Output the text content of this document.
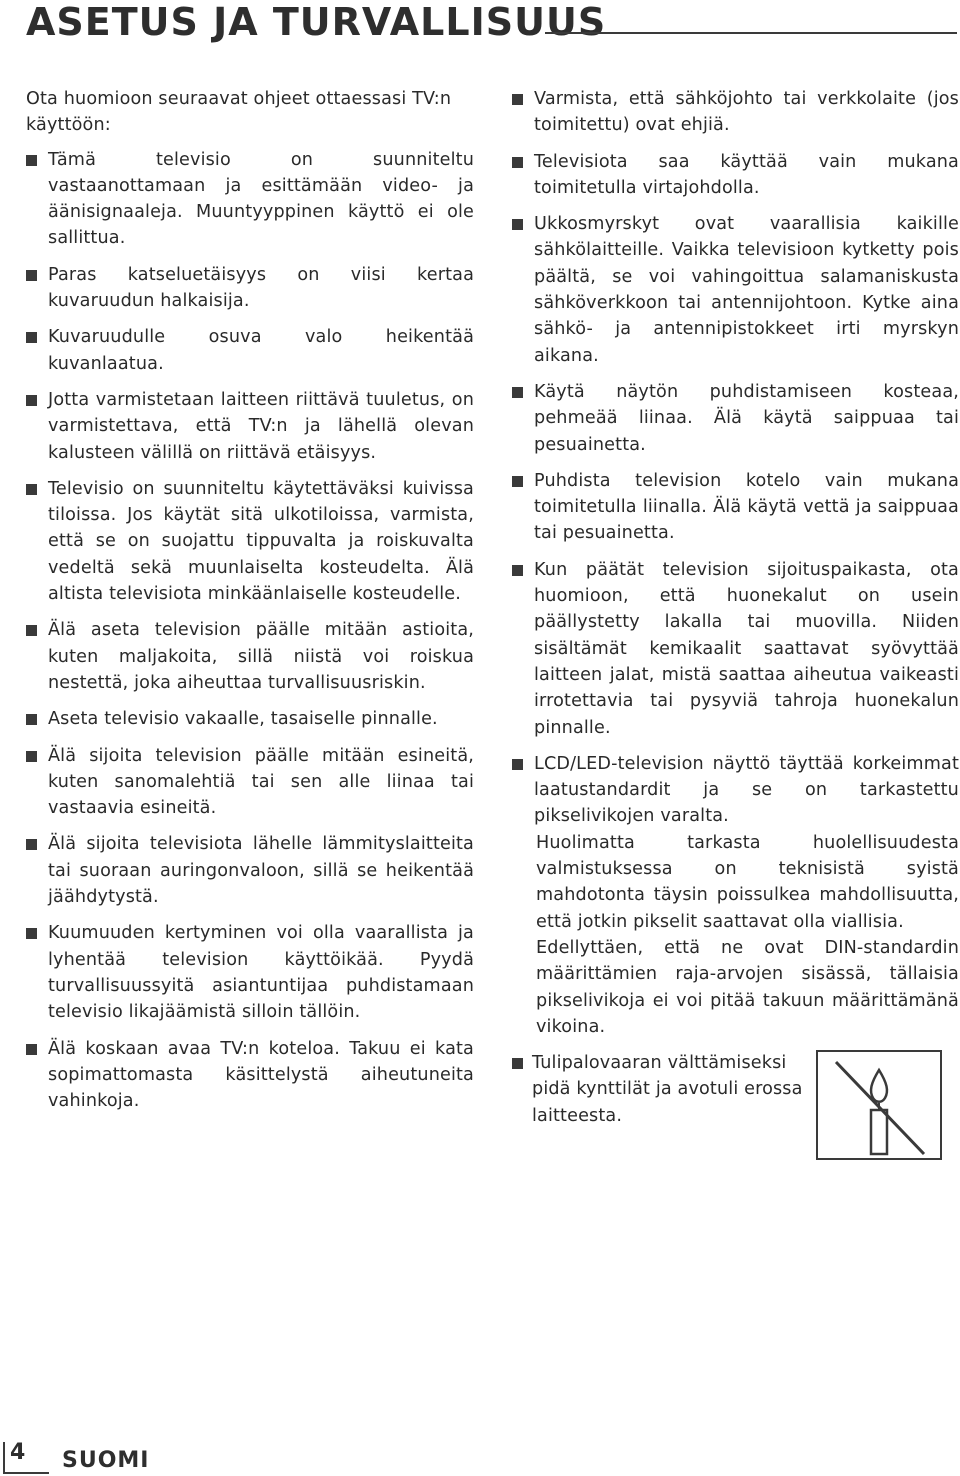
ASETUS JA TURVALLISUUS

Ota huomioon seuraavat ohjeet ottaessasi TV:n käyttöön:

Tämä televisio on suunniteltu vastaanottamaan ja esittämään video- ja äänisignaaleja. Muuntyyppinen käyttö ei ole sallittua.

Paras katseluetäisyys on viisi kertaa kuvaruudun halkaisija.

Kuvaruudulle osuva valo heikentää kuvanlaatua.

Jotta varmistetaan laitteen riittävä tuuletus, on varmistettava, että TV:n ja lähellä olevan kalusteen välillä on riittävä etäisyys.

Televisio on suunniteltu käytettäväksi kuivissa tiloissa. Jos käytät sitä ulkotiloissa, varmista, että se on suojattu tippuvalta ja roiskuvalta vedeltä sekä muunlaiselta kosteudelta. Älä altista televisiota minkäänlaiselle kosteudelle.

Älä aseta television päälle mitään astioita, kuten maljakoita, sillä niistä voi roiskua nestettä, joka aiheuttaa turvallisuusriskin.

Aseta televisio vakaalle, tasaiselle pinnalle.

Älä sijoita television päälle mitään esineitä, kuten sanomalehtiä tai sen alle liinaa tai vastaavia esineitä.

Älä sijoita televisiota lähelle lämmityslaitteita tai suoraan auringonvaloon, sillä se heikentää jäähdytystä.

Kuumuuden kertyminen voi olla vaarallista ja lyhentää television käyttöikää. Pyydä turvallisuussyitä asiantuntijaa puhdistamaan televisio likajäämistä silloin tällöin.

Älä koskaan avaa TV:n koteloa. Takuu ei kata sopimattomasta käsittelystä aiheutuneita vahinkoja.

Varmista, että sähköjohto tai verkkolaite (jos toimitettu) ovat ehjiä.

Televisiota saa käyttää vain mukana toimitetulla virtajohdolla.

Ukkosmyrskyt ovat vaarallisia kaikille sähkölaitteille. Vaikka televisioon kytketty pois päältä, se voi vahingoittua salamaniskusta sähköverkkoon tai antennijohtoon. Kytke aina sähkö- ja antennipistokkeet irti myrskyn aikana.

Käytä näytön puhdistamiseen kosteaa, pehmeää liinaa. Älä käytä saippuaa tai pesuainetta.

Puhdista television kotelo vain mukana toimitetulla liinalla. Älä käytä vettä ja saippuaa tai pesuainetta.

Kun päätät television sijoituspaikasta, ota huomioon, että huonekalut on usein päällystetty lakalla tai muovilla. Niiden sisältämät kemikaalit saattavat syövyttää laitteen jalat, mistä saattaa aiheutua vaikeasti irrotettavia tai pysyviä tahroja huonekalun pinnalle.

LCD/LED-television näyttö täyttää korkeimmat laatustandardit ja se on tarkastettu pikselivikojen varalta.

Huolimatta tarkasta huolellisuudesta valmistuksessa on teknisistä syistä mahdotonta täysin poissulkea mahdollisuutta, että jotkin pikselit saattavat olla viallisia.

Edellyttäen, että ne ovat DIN-standardin määrittämien raja-arvojen sisässä, tällaisia pikselivikoja ei voi pitää takuun määrittämänä vikoina.

Tulipalovaaran välttämiseksi pidä kynttilät ja avotuli erossa laitteesta.

4 SUOMI
